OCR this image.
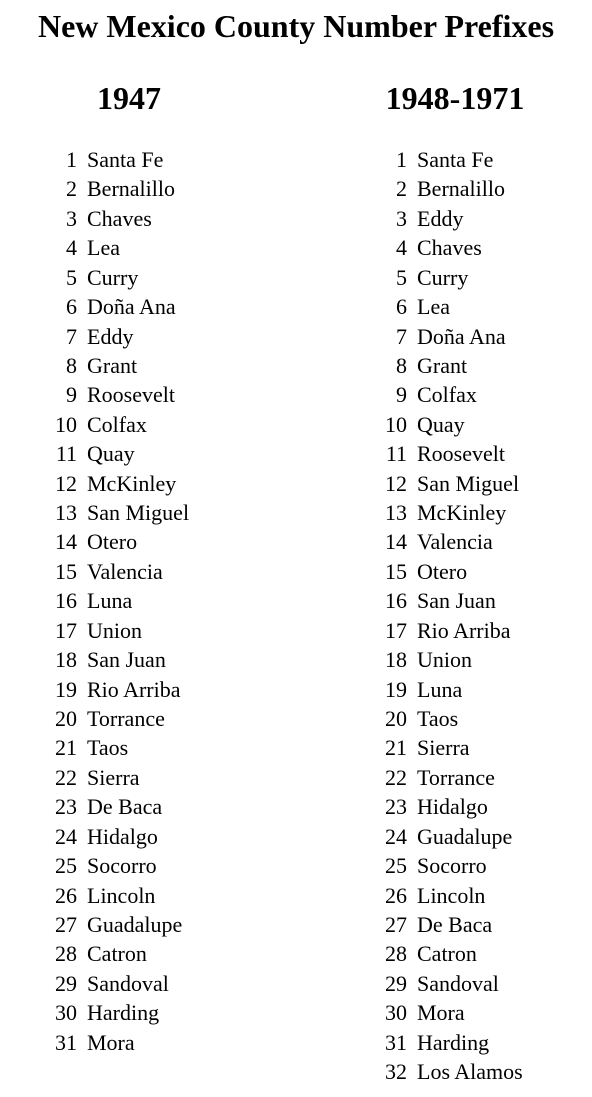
New Mexico County Number Prefixes
1947	1948-1971
1 Santa Fe
2 Bernalillo
3 Chaves
4 Lea
5 Curry
6 Doña Ana
7 Eddy
8 Grant
9 Roosevelt
10 Colfax
11 Quay
12 McKinley
13 San Miguel
14 Otero
15 Valencia
16 Luna
17 Union
18 San Juan
19 Rio Arriba
20 Torrance
21 Taos
22 Sierra
23 De Baca
24 Hidalgo
25 Socorro
26 Lincoln
27 Guadalupe
28 Catron
29 Sandoval
30 Harding
31 Mora
1 Santa Fe
2 Bernalillo
3 Eddy
4 Chaves
5 Curry
6 Lea
7 Doña Ana
8 Grant
9 Colfax
10 Quay
11 Roosevelt
12 San Miguel
13 McKinley
14 Valencia
15 Otero
16 San Juan
17 Rio Arriba
18 Union
19 Luna
20 Taos
21 Sierra
22 Torrance
23 Hidalgo
24 Guadalupe
25 Socorro
26 Lincoln
27 De Baca
28 Catron
29 Sandoval
30 Mora
31 Harding
32 Los Alamos
